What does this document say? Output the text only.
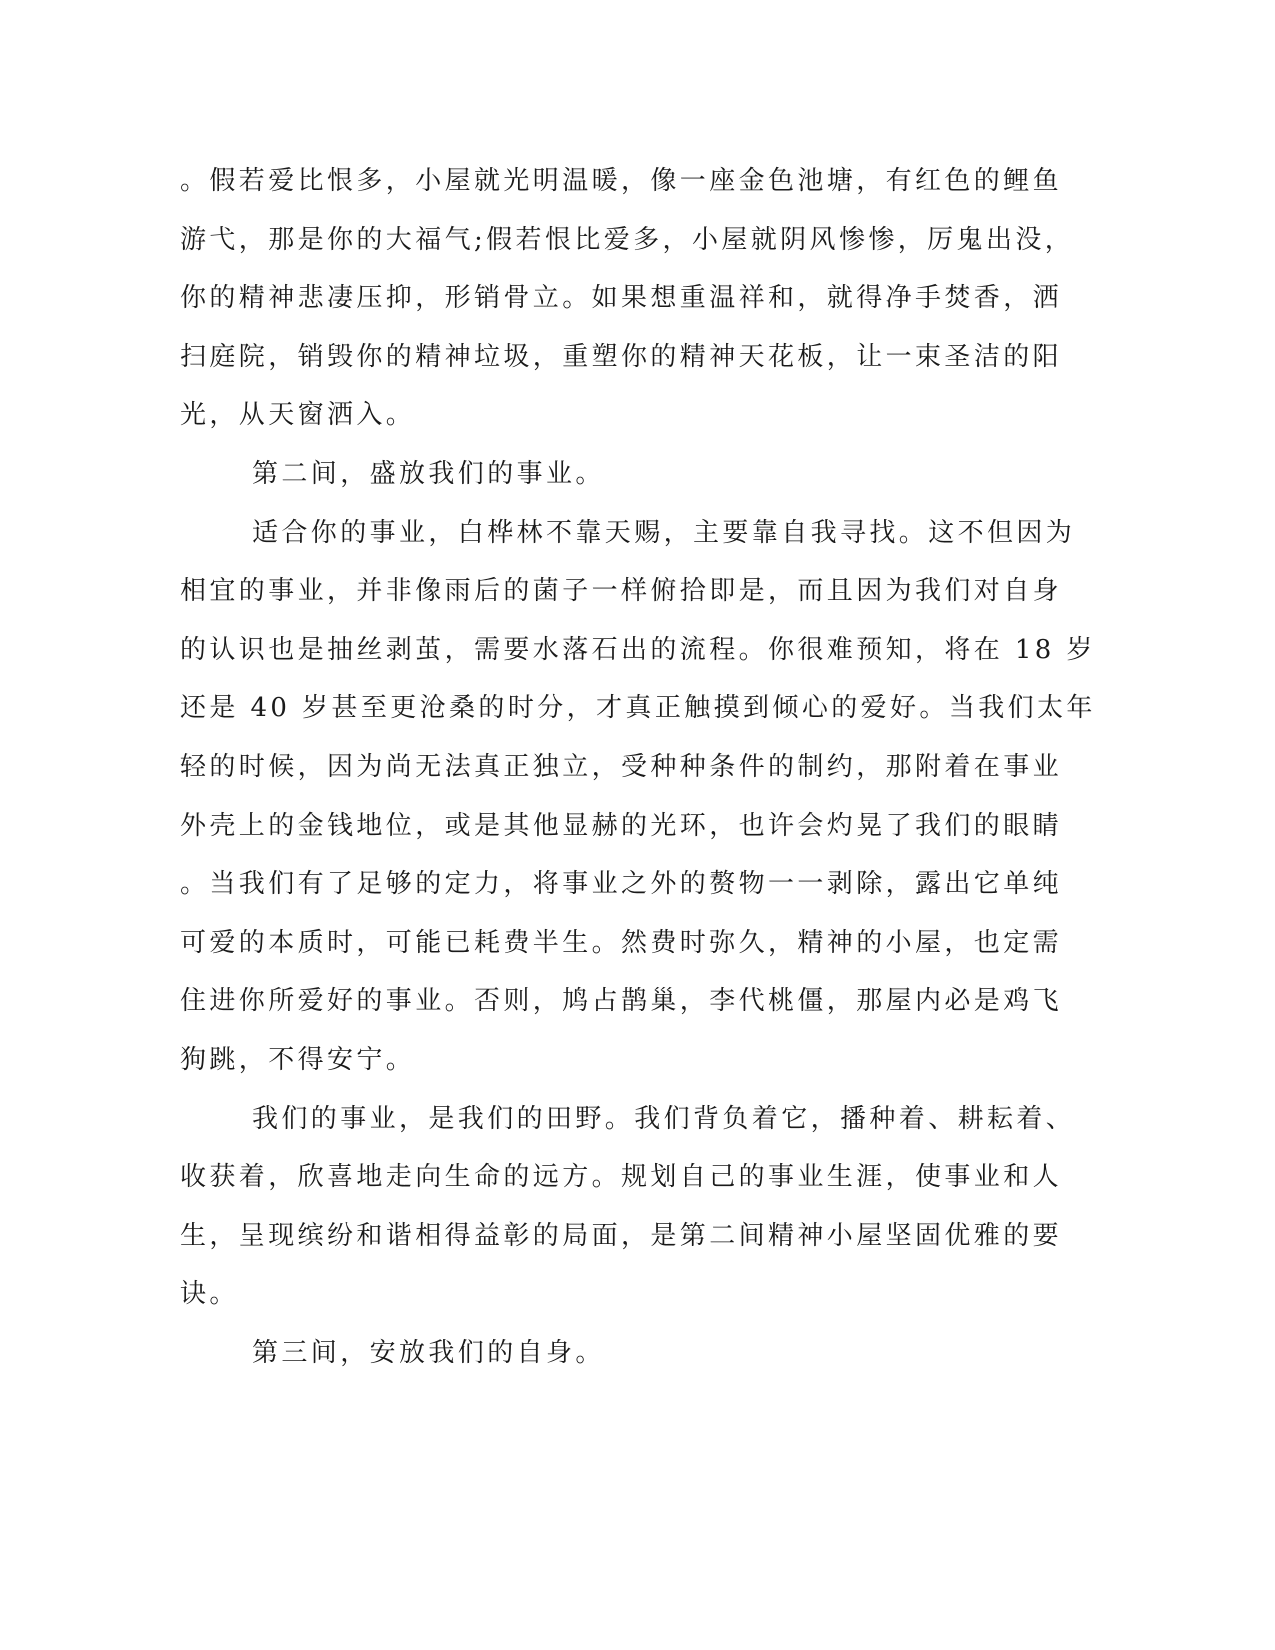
。假若爱比恨多，小屋就光明温暖，像一座金色池塘，有红色的鲤鱼
游弋，那是你的大福气;假若恨比爱多，小屋就阴风惨惨，厉鬼出没，
你的精神悲凄压抑，形销骨立。如果想重温祥和，就得净手焚香，洒
扫庭院，销毁你的精神垃圾，重塑你的精神天花板，让一束圣洁的阳
光，从天窗洒入。
第二间，盛放我们的事业。
适合你的事业，白桦林不靠天赐，主要靠自我寻找。这不但因为
相宜的事业，并非像雨后的菌子一样俯拾即是，而且因为我们对自身
的认识也是抽丝剥茧，需要水落石出的流程。你很难预知，将在 18 岁
还是 40 岁甚至更沧桑的时分，才真正触摸到倾心的爱好。当我们太年
轻的时候，因为尚无法真正独立，受种种条件的制约，那附着在事业
外壳上的金钱地位，或是其他显赫的光环，也许会灼晃了我们的眼睛
。当我们有了足够的定力，将事业之外的赘物一一剥除，露出它单纯
可爱的本质时，可能已耗费半生。然费时弥久，精神的小屋，也定需
住进你所爱好的事业。否则，鸠占鹊巢，李代桃僵，那屋内必是鸡飞
狗跳，不得安宁。
我们的事业，是我们的田野。我们背负着它，播种着、耕耘着、
收获着，欣喜地走向生命的远方。规划自己的事业生涯，使事业和人
生，呈现缤纷和谐相得益彰的局面，是第二间精神小屋坚固优雅的要
诀。
第三间，安放我们的自身。
